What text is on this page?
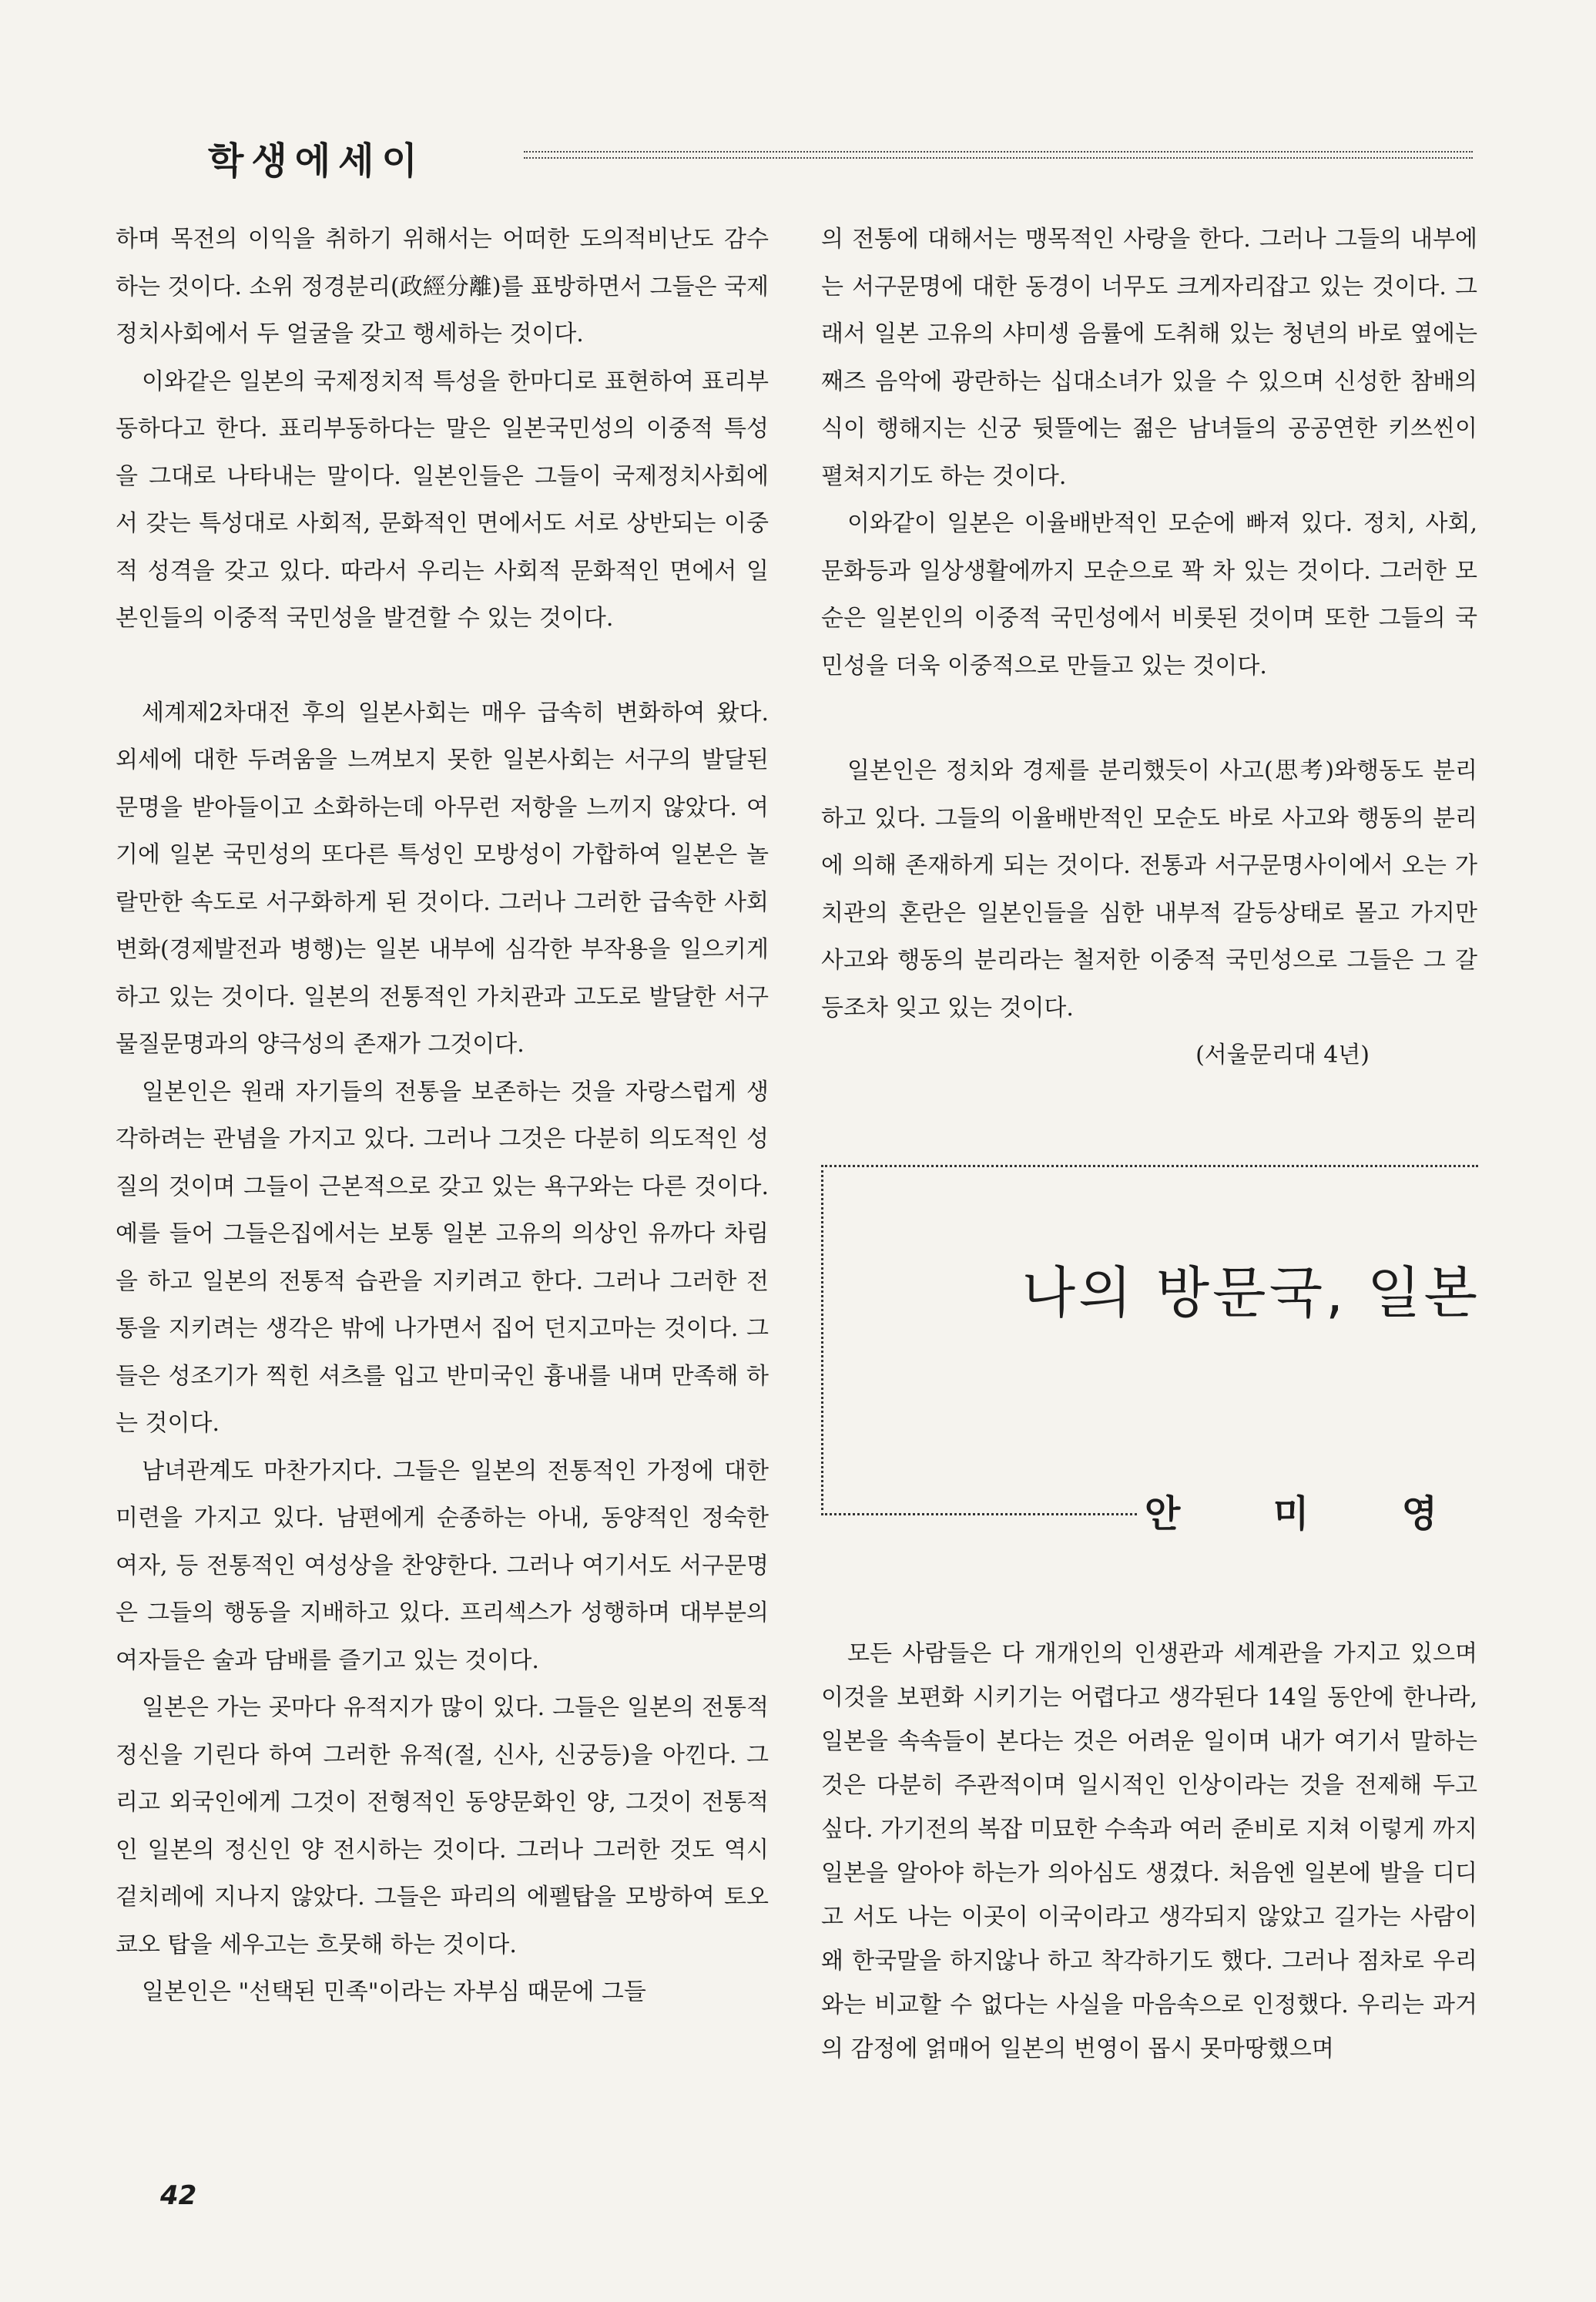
학생에세이

하며 목전의 이익을 취하기 위해서는 어떠한 도의적비난도 감수하는 것이다. 소위 정경분리(政經分離)를 표방하면서 그들은 국제정치사회에서 두 얼굴을 갖고 행세하는 것이다.

이와같은 일본의 국제정치적 특성을 한마디로 표현하여 표리부동하다고 한다. 표리부동하다는 말은 일본국민성의 이중적 특성을 그대로 나타내는 말이다. 일본인들은 그들이 국제정치사회에서 갖는 특성대로 사회적, 문화적인 면에서도 서로 상반되는 이중적 성격을 갖고 있다. 따라서 우리는 사회적 문화적인 면에서 일본인들의 이중적 국민성을 발견할 수 있는 것이다.

세계제2차대전 후의 일본사회는 매우 급속히 변화하여 왔다. 외세에 대한 두려움을 느껴보지 못한 일본사회는 서구의 발달된 문명을 받아들이고 소화하는데 아무런 저항을 느끼지 않았다. 여기에 일본 국민성의 또다른 특성인 모방성이 가합하여 일본은 놀랄만한 속도로 서구화하게 된 것이다. 그러나 그러한 급속한 사회변화(경제발전과 병행)는 일본 내부에 심각한 부작용을 일으키게 하고 있는 것이다. 일본의 전통적인 가치관과 고도로 발달한 서구 물질문명과의 양극성의 존재가 그것이다.

일본인은 원래 자기들의 전통을 보존하는 것을 자랑스럽게 생각하려는 관념을 가지고 있다. 그러나 그것은 다분히 의도적인 성질의 것이며 그들이 근본적으로 갖고 있는 욕구와는 다른 것이다. 예를 들어 그들은집에서는 보통 일본 고유의 의상인 유까다 차림을 하고 일본의 전통적 습관을 지키려고 한다. 그러나 그러한 전통을 지키려는 생각은 밖에 나가면서 집어 던지고마는 것이다. 그들은 성조기가 찍힌 셔츠를 입고 반미국인 흉내를 내며 만족해 하는 것이다.

남녀관계도 마찬가지다. 그들은 일본의 전통적인 가정에 대한 미련을 가지고 있다. 남편에게 순종하는 아내, 동양적인 정숙한 여자, 등 전통적인 여성상을 찬양한다. 그러나 여기서도 서구문명은 그들의 행동을 지배하고 있다. 프리섹스가 성행하며 대부분의 여자들은 술과 담배를 즐기고 있는 것이다.

일본은 가는 곳마다 유적지가 많이 있다. 그들은 일본의 전통적 정신을 기린다 하여 그러한 유적(절, 신사, 신궁등)을 아낀다. 그리고 외국인에게 그것이 전형적인 동양문화인 양, 그것이 전통적인 일본의 정신인 양 전시하는 것이다. 그러나 그러한 것도 역시 겉치레에 지나지 않았다. 그들은 파리의 에펠탑을 모방하여 토오쿄오 탑을 세우고는 흐뭇해 하는 것이다.

일본인은 "선택된 민족"이라는 자부심 때문에 그들

의 전통에 대해서는 맹목적인 사랑을 한다. 그러나 그들의 내부에는 서구문명에 대한 동경이 너무도 크게자리잡고 있는 것이다. 그래서 일본 고유의 샤미셍 음률에 도취해 있는 청년의 바로 옆에는 째즈 음악에 광란하는 십대소녀가 있을 수 있으며 신성한 참배의식이 행해지는 신궁 뒷뜰에는 젊은 남녀들의 공공연한 키쓰씬이 펼쳐지기도 하는 것이다.

이와같이 일본은 이율배반적인 모순에 빠져 있다. 정치, 사회, 문화등과 일상생활에까지 모순으로 꽉 차 있는 것이다. 그러한 모순은 일본인의 이중적 국민성에서 비롯된 것이며 또한 그들의 국민성을 더욱 이중적으로 만들고 있는 것이다.

일본인은 정치와 경제를 분리했듯이 사고(思考)와행동도 분리하고 있다. 그들의 이율배반적인 모순도 바로 사고와 행동의 분리에 의해 존재하게 되는 것이다. 전통과 서구문명사이에서 오는 가치관의 혼란은 일본인들을 심한 내부적 갈등상태로 몰고 가지만 사고와 행동의 분리라는 철저한 이중적 국민성으로 그들은 그 갈등조차 잊고 있는 것이다.

(서울문리대 4년)
나의 방문국, 일본
안	미	영

모든 사람들은 다 개개인의 인생관과 세계관을 가지고 있으며 이것을 보편화 시키기는 어렵다고 생각된다 14일 동안에 한나라, 일본을 속속들이 본다는 것은 어려운 일이며 내가 여기서 말하는 것은 다분히 주관적이며 일시적인 인상이라는 것을 전제해 두고 싶다. 가기전의 복잡 미묘한 수속과 여러 준비로 지쳐 이렇게 까지 일본을 알아야 하는가 의아심도 생겼다. 처음엔 일본에 발을 디디고 서도 나는 이곳이 이국이라고 생각되지 않았고 길가는 사람이 왜 한국말을 하지않나 하고 착각하기도 했다. 그러나 점차로 우리와는 비교할 수 없다는 사실을 마음속으로 인정했다. 우리는 과거의 감정에 얽매어 일본의 번영이 몹시 못마땅했으며

42
